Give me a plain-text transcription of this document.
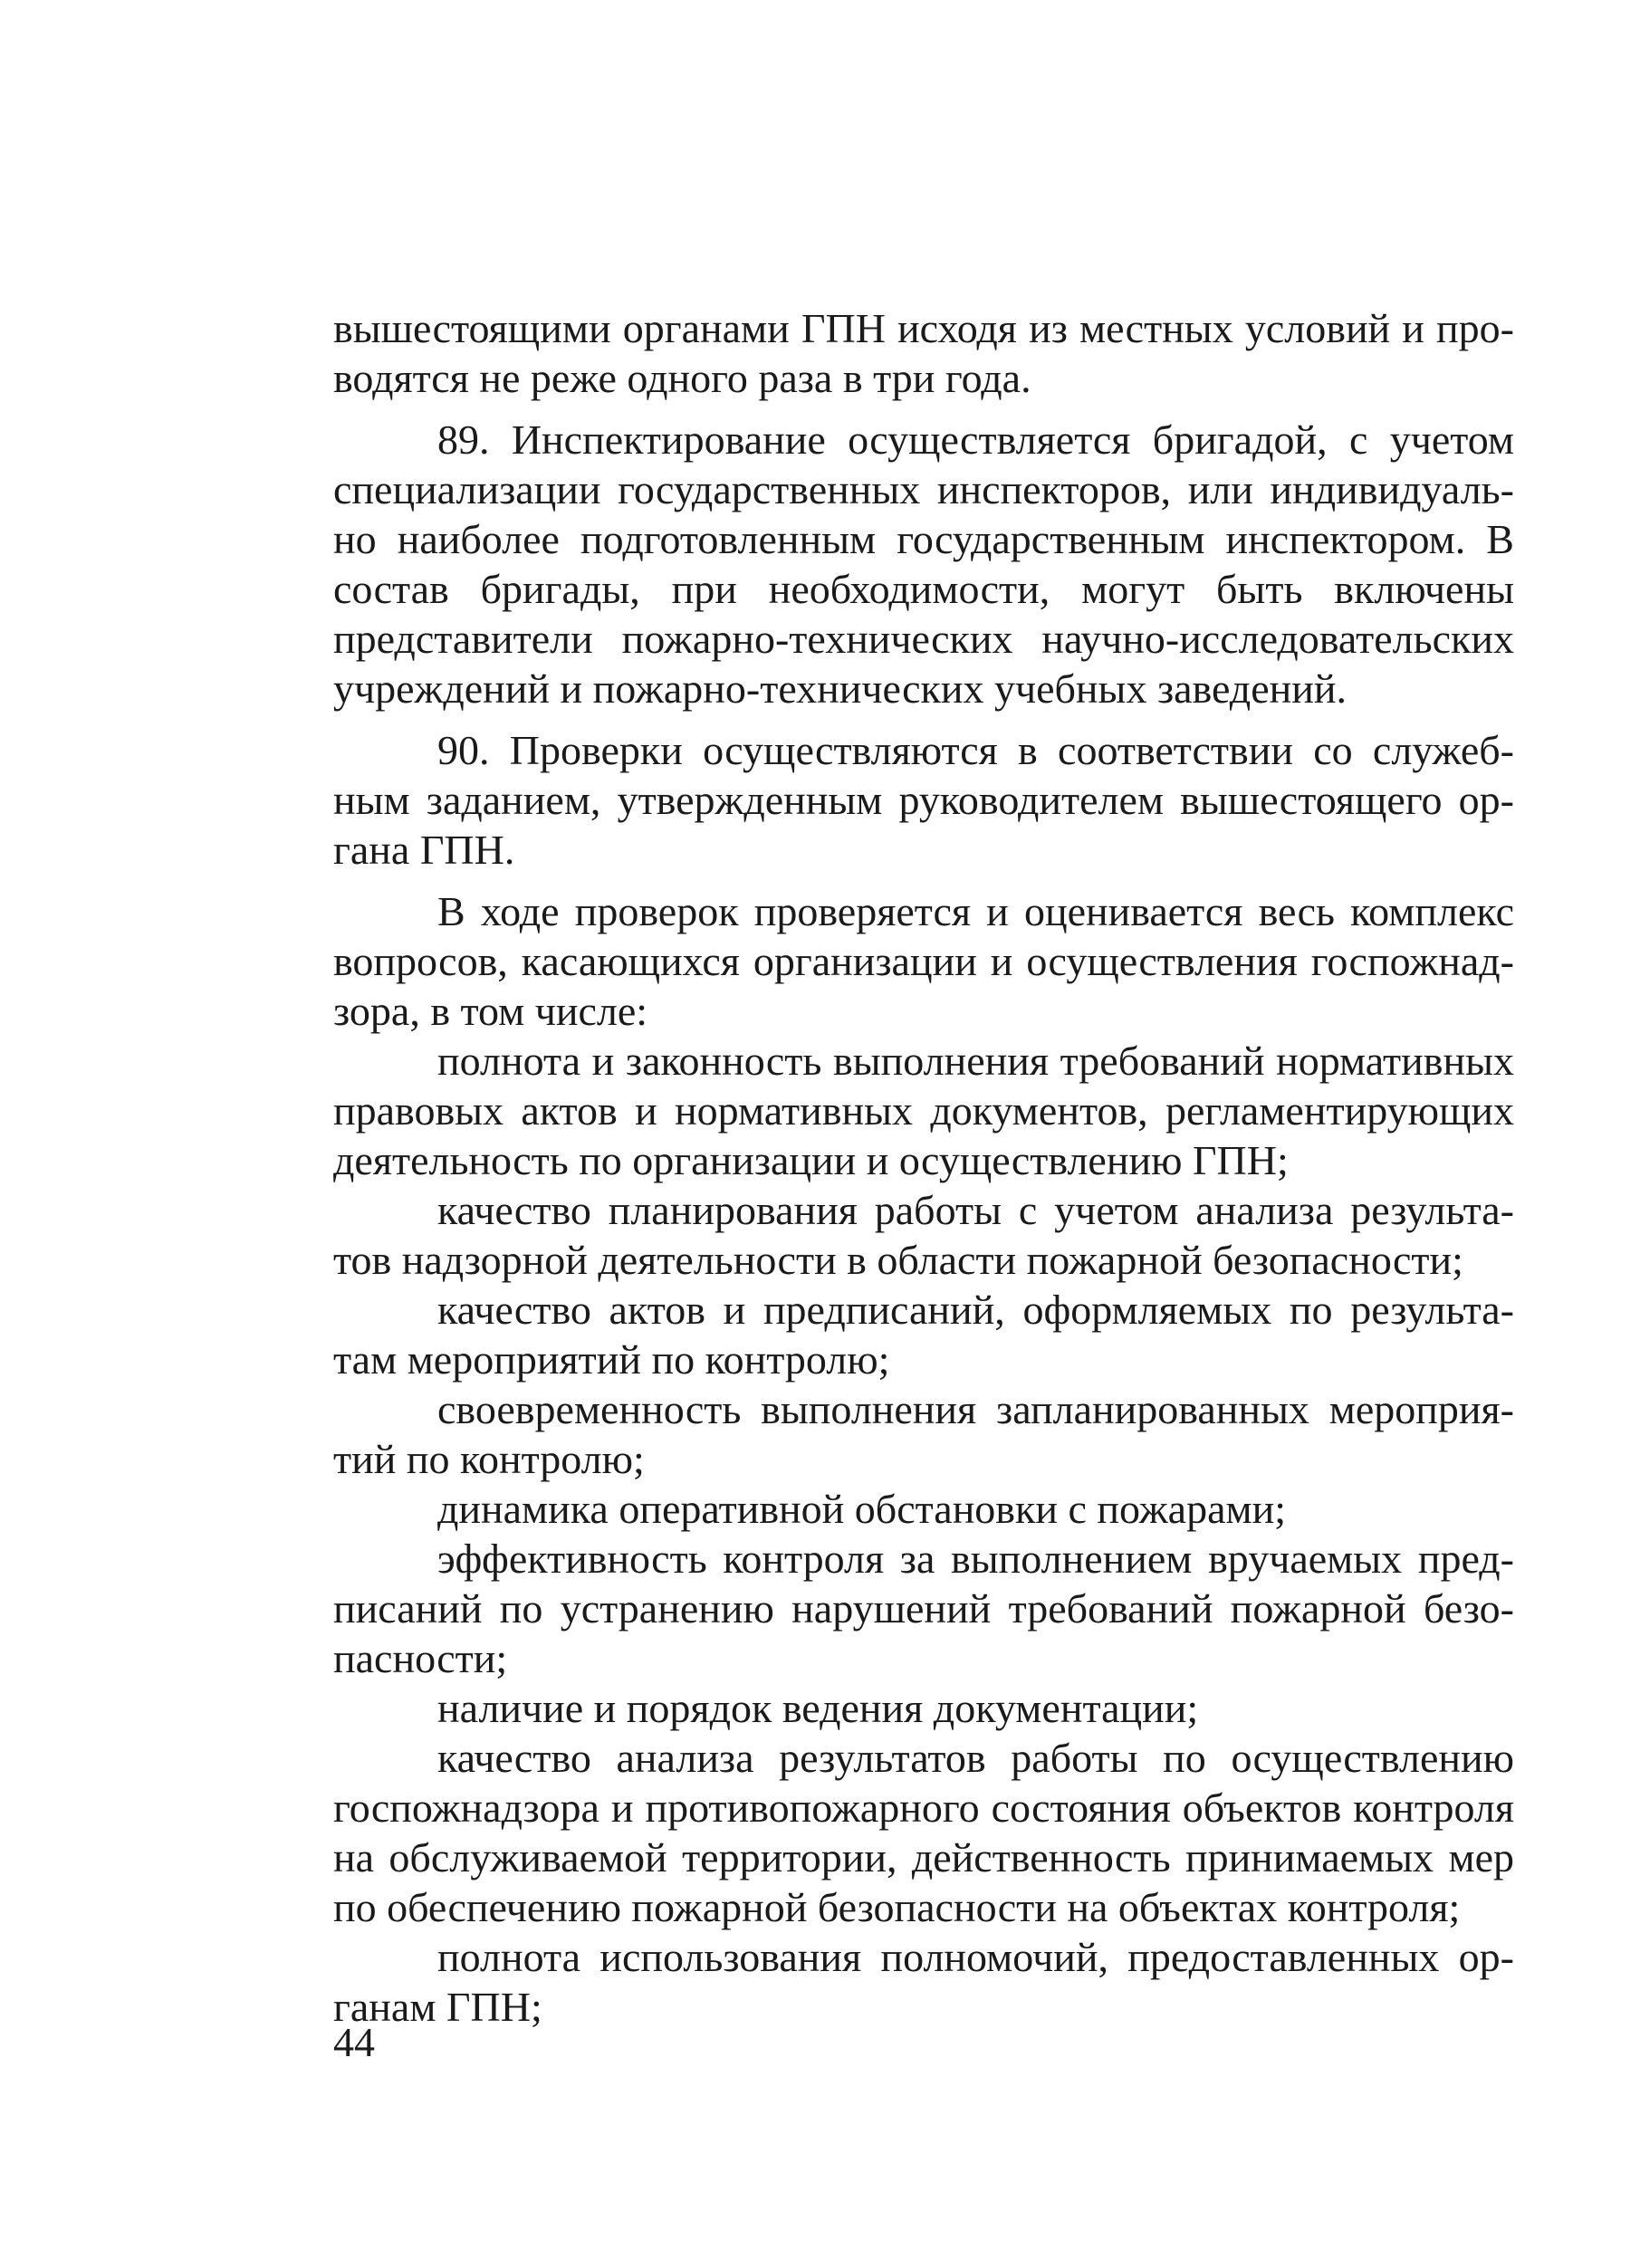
вышестоящими органами ГПН исходя из местных условий и проводятся не реже одного раза в три года.

89. Инспектирование осуществляется бригадой, с учетом специализации государственных инспекторов, или индивидуально наиболее подготовленным государственным инспектором. В состав бригады, при необходимости, могут быть включены представители пожарно-технических научно-исследовательских учреждений и пожарно-технических учебных заведений.

90. Проверки осуществляются в соответствии со служебным заданием, утвержденным руководителем вышестоящего органа ГПН.

В ходе проверок проверяется и оценивается весь комплекс вопросов, касающихся организации и осуществления госпожнадзора, в том числе:

полнота и законность выполнения требований нормативных правовых актов и нормативных документов, регламентирующих деятельность по организации и осуществлению ГПН;

качество планирования работы с учетом анализа результатов надзорной деятельности в области пожарной безопасности;

качество актов и предписаний, оформляемых по результатам мероприятий по контролю;

своевременность выполнения запланированных мероприятий по контролю;

динамика оперативной обстановки с пожарами;

эффективность контроля за выполнением вручаемых предписаний по устранению нарушений требований пожарной безопасности;

наличие и порядок ведения документации;

качество анализа результатов работы по осуществлению госпожнадзора и противопожарного состояния объектов контроля на обслуживаемой территории, действенность принимаемых мер по обеспечению пожарной безопасности на объектах контроля;

полнота использования полномочий, предоставленных органам ГПН;

44
